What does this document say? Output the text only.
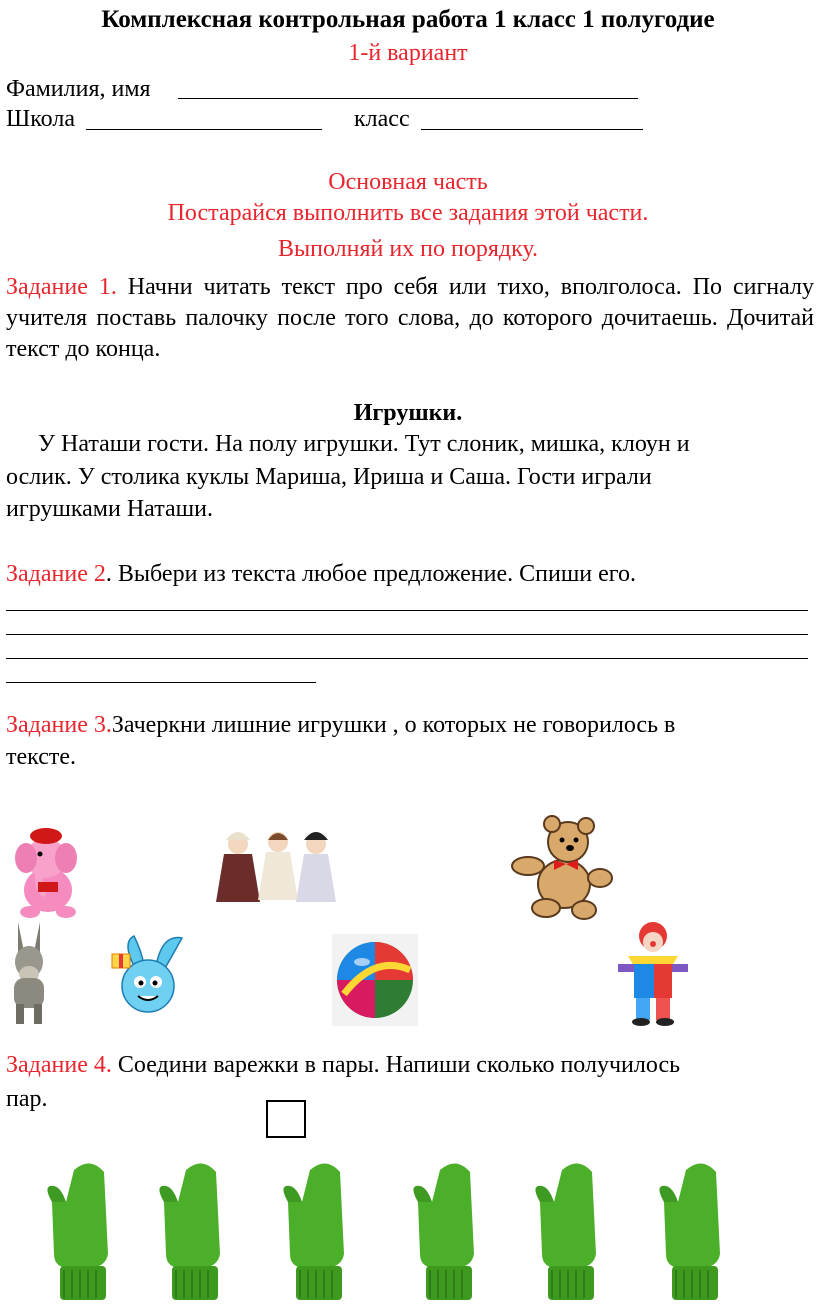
Комплексная контрольная работа 1 класс 1 полугодие
1-й вариант
Фамилия, имя
Школа	класс
Основная часть
Постарайся выполнить все задания этой части.
Выполняй их по порядку.
Задание 1. Начни читать текст про себя или тихо, вполголоса. По сигналу учителя поставь палочку после того слова, до которого дочитаешь. Дочитай текст до конца.
Игрушки.
У Наташи гости. На полу игрушки. Тут слоник, мишка, клоун и
ослик. У столика куклы Мариша, Ириша и Саша. Гости играли
игрушками Наташи.
Задание 2. Выбери из текста любое предложение. Спиши его.
Задание 3.Зачеркни лишние игрушки , о которых не говорилось в
тексте.
Задание 4. Соедини варежки в пары. Напиши сколько получилось
пар.
